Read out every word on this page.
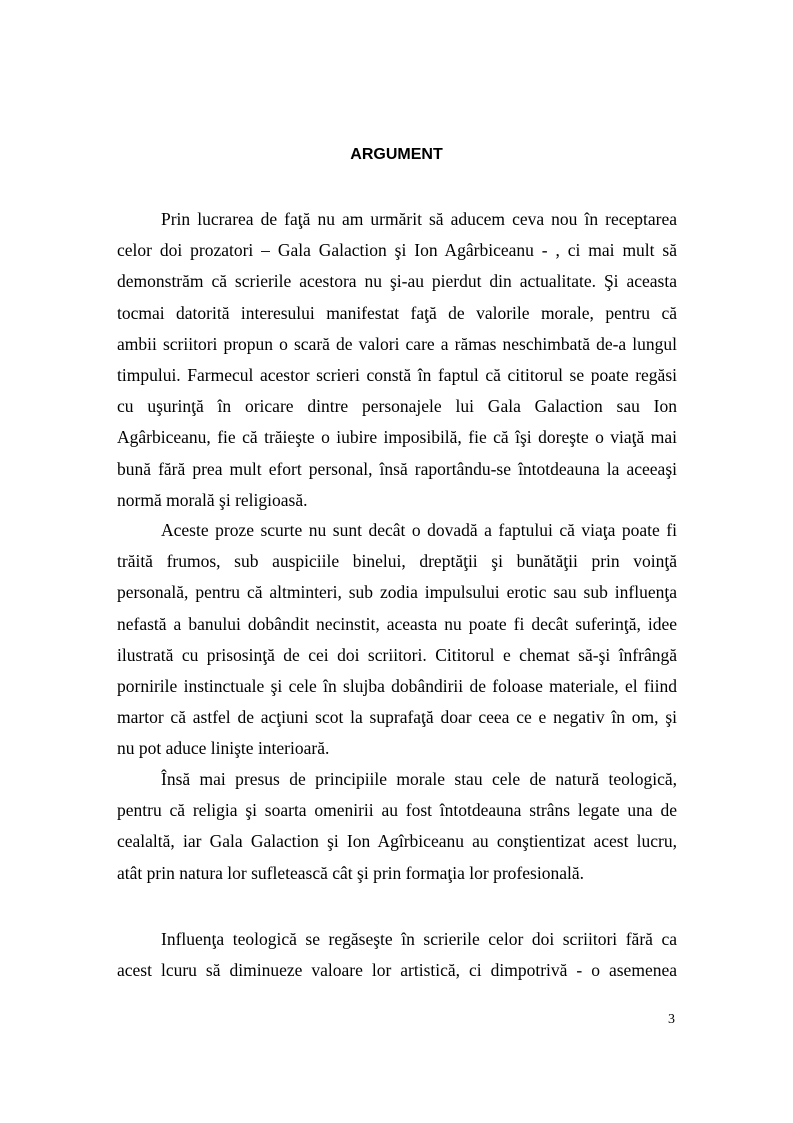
ARGUMENT
Prin lucrarea de faţă nu am urmărit să aducem ceva nou în receptarea
celor doi prozatori – Gala Galaction şi Ion Agârbiceanu - , ci mai mult să
demonstrăm că scrierile acestora nu şi-au pierdut din actualitate. Şi aceasta
tocmai datorită interesului manifestat faţă de valorile morale, pentru că
ambii scriitori propun o scară de valori care a rămas neschimbată de-a lungul
timpului. Farmecul acestor scrieri constă în faptul că cititorul se poate regăsi
cu uşurinţă în oricare dintre personajele lui Gala Galaction sau Ion
Agârbiceanu, fie că trăieşte o iubire imposibilă, fie că îşi doreşte o viaţă mai
bună fără prea mult efort personal, însă raportându-se întotdeauna la aceeaşi
normă morală şi religioasă.
Aceste proze scurte nu sunt decât o dovadă a faptului că viaţa poate fi
trăită frumos, sub auspiciile binelui, dreptăţii şi bunătăţii prin voinţă
personală, pentru că altminteri, sub zodia impulsului erotic sau sub influenţa
nefastă a banului dobândit necinstit, aceasta nu poate fi decât suferinţă, idee
ilustrată cu prisosinţă de cei doi scriitori. Cititorul e chemat să-şi înfrângă
pornirile instinctuale şi cele în slujba dobândirii de foloase materiale, el fiind
martor că astfel de acţiuni scot la suprafaţă doar ceea ce e negativ în om, şi
nu pot aduce linişte interioară.
Însă mai presus de principiile morale stau cele de natură teologică,
pentru că religia şi soarta omenirii au fost întotdeauna strâns legate una de
cealaltă, iar Gala Galaction şi Ion Agîrbiceanu au conştientizat acest lucru,
atât prin natura lor sufletească cât şi prin formaţia lor profesională.
Influenţa teologică se regăseşte în scrierile celor doi scriitori fără ca
acest lcuru să diminueze valoare lor artistică, ci dimpotrivă - o asemenea
3
